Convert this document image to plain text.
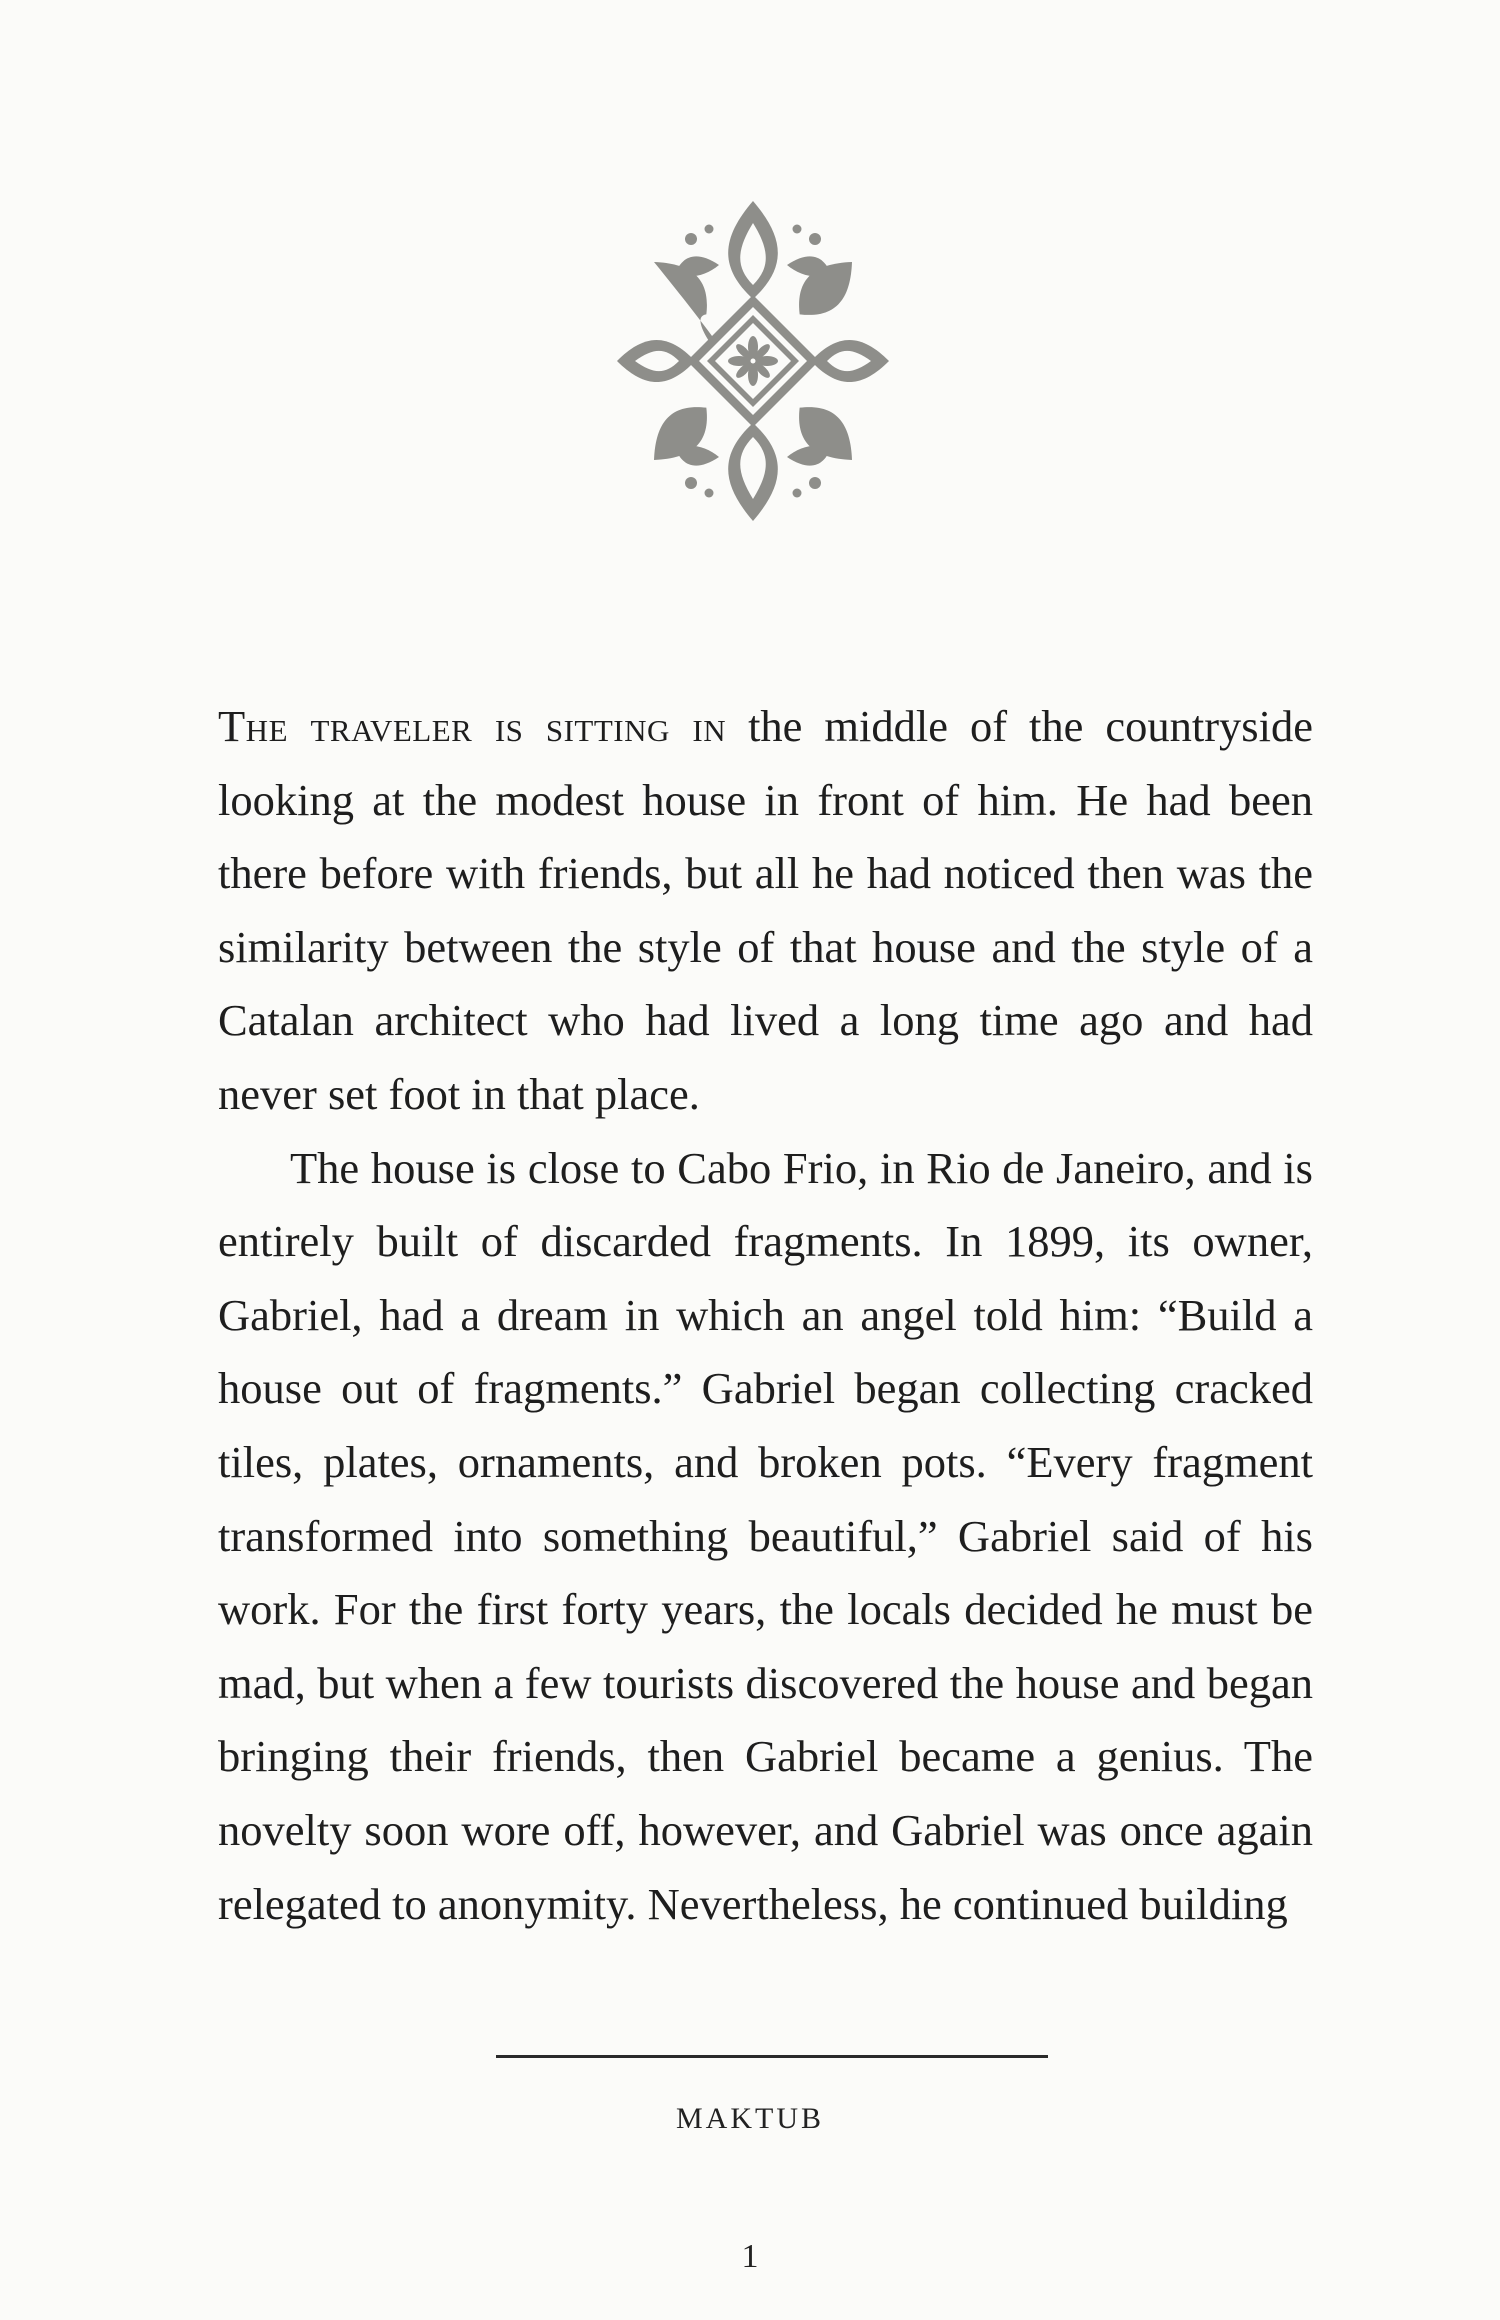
The traveler is sitting in the middle of the countryside looking at the modest house in front of him. He had been there before with friends, but all he had noticed then was the similarity between the style of that house and the style of a Catalan architect who had lived a long time ago and had never set foot in that place.

The house is close to Cabo Frio, in Rio de Janeiro, and is entirely built of discarded fragments. In 1899, its owner, Gabriel, had a dream in which an angel told him: “Build a house out of fragments.” Gabriel began collecting cracked tiles, plates, ornaments, and broken pots. “Every fragment transformed into something beautiful,” Gabriel said of his work. For the first forty years, the locals decided he must be mad, but when a few tourists discovered the house and began bringing their friends, then Gabriel became a genius. The novelty soon wore off, however, and Gabriel was once again relegated to anonymity. Nevertheless, he continued building

MAKTUB
1
